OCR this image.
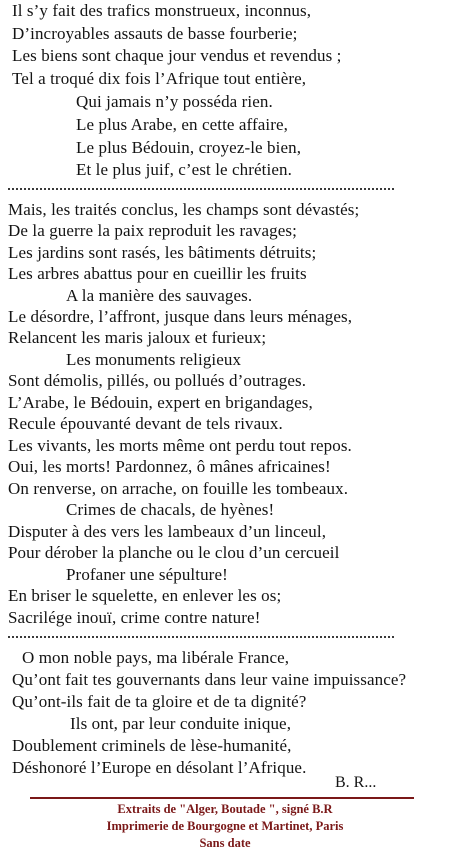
Il s’y fait des trafics monstrueux, inconnus,
D’incroyables assauts de basse fourberie;
Les biens sont chaque jour vendus et revendus ;
Tel a troqué dix fois l’Afrique tout entière,
Qui jamais n’y posséda rien.
Le plus Arabe, en cette affaire,
Le plus Bédouin, croyez-le bien,
Et le plus juif, c’est le chrétien.
Mais, les traités conclus, les champs sont dévastés;
De la guerre la paix reproduit les ravages;
Les jardins sont rasés, les bâtiments détruits;
Les arbres abattus pour en cueillir les fruits
A la manière des sauvages.
Le désordre, l’affront, jusque dans leurs ménages,
Relancent les maris jaloux et furieux;
Les monuments religieux
Sont démolis, pillés, ou pollués d’outrages.
L’Arabe, le Bédouin, expert en brigandages,
Recule épouvanté devant de tels rivaux.
Les vivants, les morts même ont perdu tout repos.
Oui, les morts! Pardonnez, ô mânes africaines!
On renverse, on arrache, on fouille les tombeaux.
Crimes de chacals, de hyènes!
Disputer à des vers les lambeaux d’un linceul,
Pour dérober la planche ou le clou d’un cercueil
Profaner une sépulture!
En briser le squelette, en enlever les os;
Sacrilége inouï, crime contre nature!
O mon noble pays, ma libérale France,
Qu’ont fait tes gouvernants dans leur vaine impuissance?
Qu’ont-ils fait de ta gloire et de ta dignité?
Ils ont, par leur conduite inique,
Doublement criminels de lèse-humanité,
Déshonoré l’Europe en désolant l’Afrique.
B. R...
Extraits de "Alger, Boutade ", signé B.R
Imprimerie de Bourgogne et Martinet, Paris
Sans date
